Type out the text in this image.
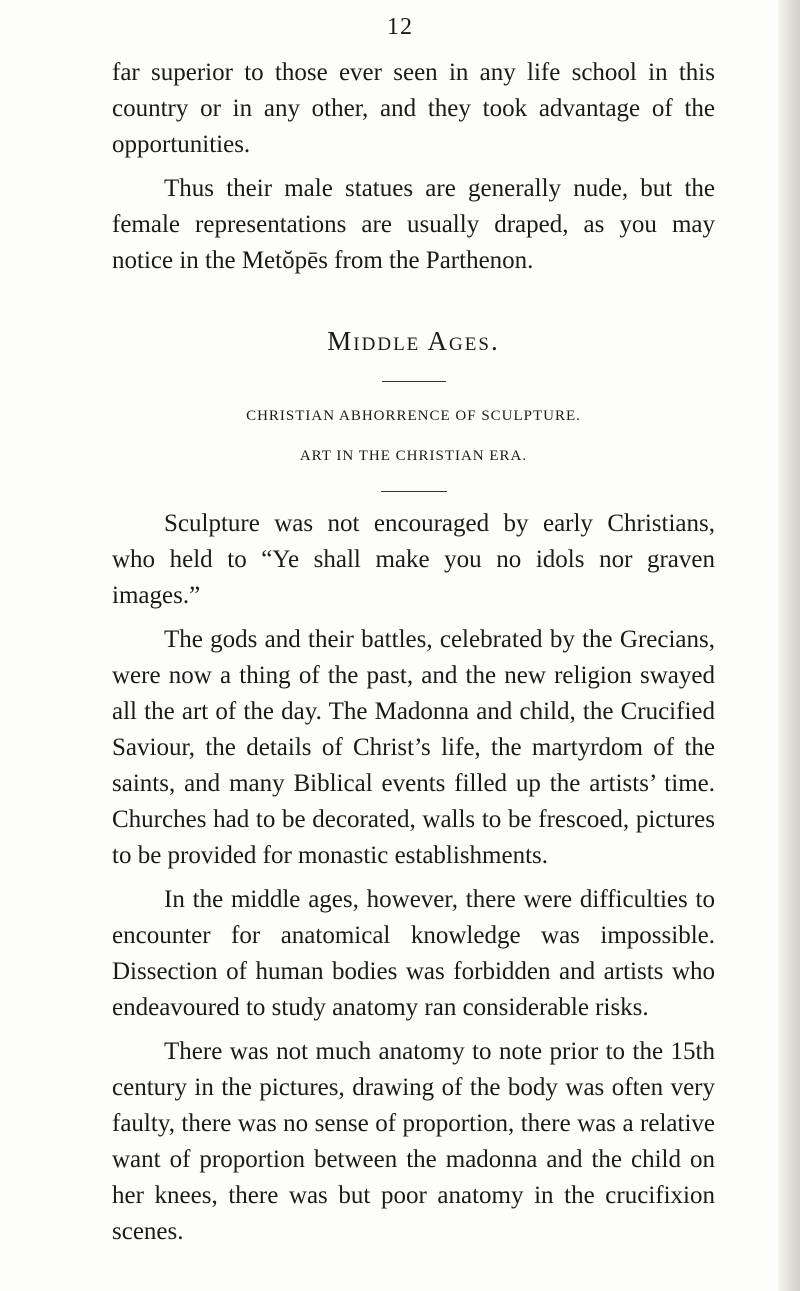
12

far superior to those ever seen in any life school in this country or in any other, and they took advantage of the opportunities.

Thus their male statues are generally nude, but the female representations are usually draped, as you may notice in the Metŏpēs from the Parthenon.

Middle Ages.
CHRISTIAN ABHORRENCE OF SCULPTURE.
ART IN THE CHRISTIAN ERA.

Sculpture was not encouraged by early Christians, who held to “Ye shall make you no idols nor graven images.”

The gods and their battles, celebrated by the Grecians, were now a thing of the past, and the new religion swayed all the art of the day. The Madonna and child, the Crucified Saviour, the details of Christ’s life, the martyrdom of the saints, and many Biblical events filled up the artists’ time. Churches had to be decorated, walls to be frescoed, pictures to be provided for monastic establishments.

In the middle ages, however, there were difficulties to encounter for anatomical knowledge was impossible. Dissection of human bodies was forbidden and artists who endeavoured to study anatomy ran considerable risks.

There was not much anatomy to note prior to the 15th century in the pictures, drawing of the body was often very faulty, there was no sense of proportion, there was a relative want of proportion between the madonna and the child on her knees, there was but poor anatomy in the crucifixion scenes.
